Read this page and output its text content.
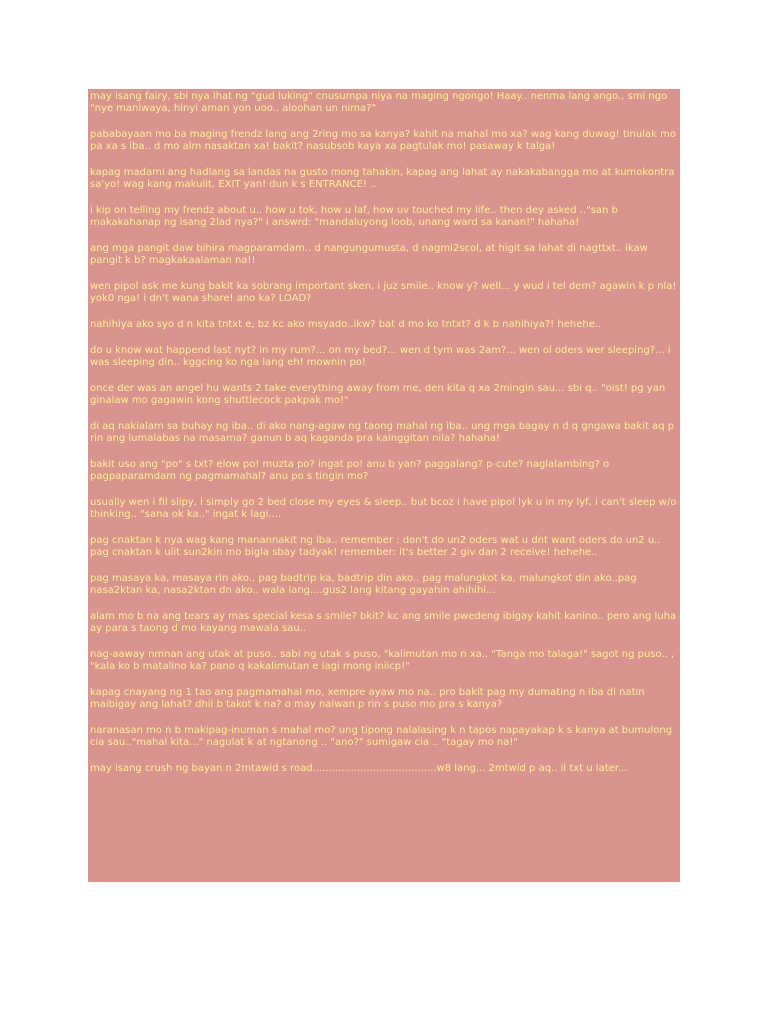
may isang fairy, sbi nya lhat ng "gud luking" cnusumpa niya na maging ngongo! Haay.. nenma lang ango.. smi ngo "nye maniwaya, hinyi aman yon uoo.. aloohan un nima?"

pababayaan mo ba maging frendz lang ang 2ring mo sa kanya? kahit na mahal mo xa? wag kang duwag! tinulak mo pa xa s iba.. d mo alm nasaktan xa! bakit? nasubsob kaya xa pagtulak mo! pasaway k talga!

kapag madami ang hadlang sa landas na gusto mong tahakin, kapag ang lahat ay nakakabangga mo at kumokontra sa'yo! wag kang makulit, EXIT yan! dun k s ENTRANCE! ..

i kip on telling my frendz about u.. how u tok, how u laf, how uv touched my life.. then dey asked .."san b makakahanap ng isang 2lad nya?" i answrd: "mandaluyong loob, unang ward sa kanan!" hahaha!

ang mga pangit daw bihira magparamdam.. d nangungumusta, d nagmi2scol, at higit sa lahat di nagttxt.. ikaw pangit k b? magkakaalaman na!!

wen pipol ask me kung bakit ka sobrang important sken, i juz smile.. know y? well... y wud i tel dem? agawin k p nla! yok0 nga! i dn't wana share! ano ka? LOAD?

nahihiya ako syo d n kita tntxt e, bz kc ako msyado..ikw? bat d mo ko tntxt? d k b nahihiya?! hehehe..

do u know wat happend last nyt? in my rum?... on my bed?... wen d tym was 2am?... wen ol oders wer sleeping?... i was sleeping din.. kggcing ko nga lang eh! mownin po!

once der was an angel hu wants 2 take everything away from me, den kita q xa 2mingin sau... sbi q.. "oist! pg yan ginalaw mo gagawin kong shuttlecock pakpak mo!"

di aq nakialam sa buhay ng iba.. di ako nang-agaw ng taong mahal ng iba.. ung mga bagay n d q gngawa bakit aq p rin ang lumalabas na masama? ganun b aq kaganda pra kainggitan nila? hahaha!

bakit uso ang "po" s txt? elow po! muzta po? ingat po! anu b yan? paggalang? p-cute? naglalambing? o pagpaparamdam ng pagmamahal? anu po s tingin mo?

usually wen i fil slipy, i simply go 2 bed close my eyes & sleep.. but bcoz i have pipol lyk u in my lyf, i can't sleep w/o thinking.. "sana ok ka.." ingat k lagi....

pag cnaktan k nya wag kang manannakit ng iba.. remember : don't do un2 oders wat u dnt want oders do un2 u.. pag cnaktan k ulit sun2kin mo bigla sbay tadyak! remember: it's better 2 giv dan 2 receive! hehehe..

pag masaya ka, masaya rin ako.. pag badtrip ka, badtrip din ako.. pag malungkot ka, malungkot din ako..pag nasa2ktan ka, nasa2ktan dn ako.. wala lang....gus2 lang kitang gayahin ahihihi...

alam mo b na ang tears ay mas special kesa s smile? bkit? kc ang smile pwedeng ibigay kahit kanino.. pero ang luha ay para s taong d mo kayang mawala sau..

nag-aaway nmnan ang utak at puso.. sabi ng utak s puso, "kalimutan mo n xa.. "Tanga mo talaga!" sagot ng puso.. , "kala ko b matalino ka? pano q kakalimutan e lagi mong iniicp!"

kapag cnayang ng 1 tao ang pagmamahal mo, xempre ayaw mo na.. pro bakit pag my dumating n iba di natin maibigay ang lahat? dhil b takot k na? o may naiwan p rin s puso mo pra s kanya?

naranasan mo n b makipag-inuman s mahal mo? ung tipong nalalasing k n tapos napayakap k s kanya at bumulong cia sau.."mahal kita..." nagulat k at ngtanong .. "ano?" sumigaw cia .. "tagay mo na!"

may isang crush ng bayan n 2mtawid s road.......................................w8 lang... 2mtwid p aq.. il txt u later...
